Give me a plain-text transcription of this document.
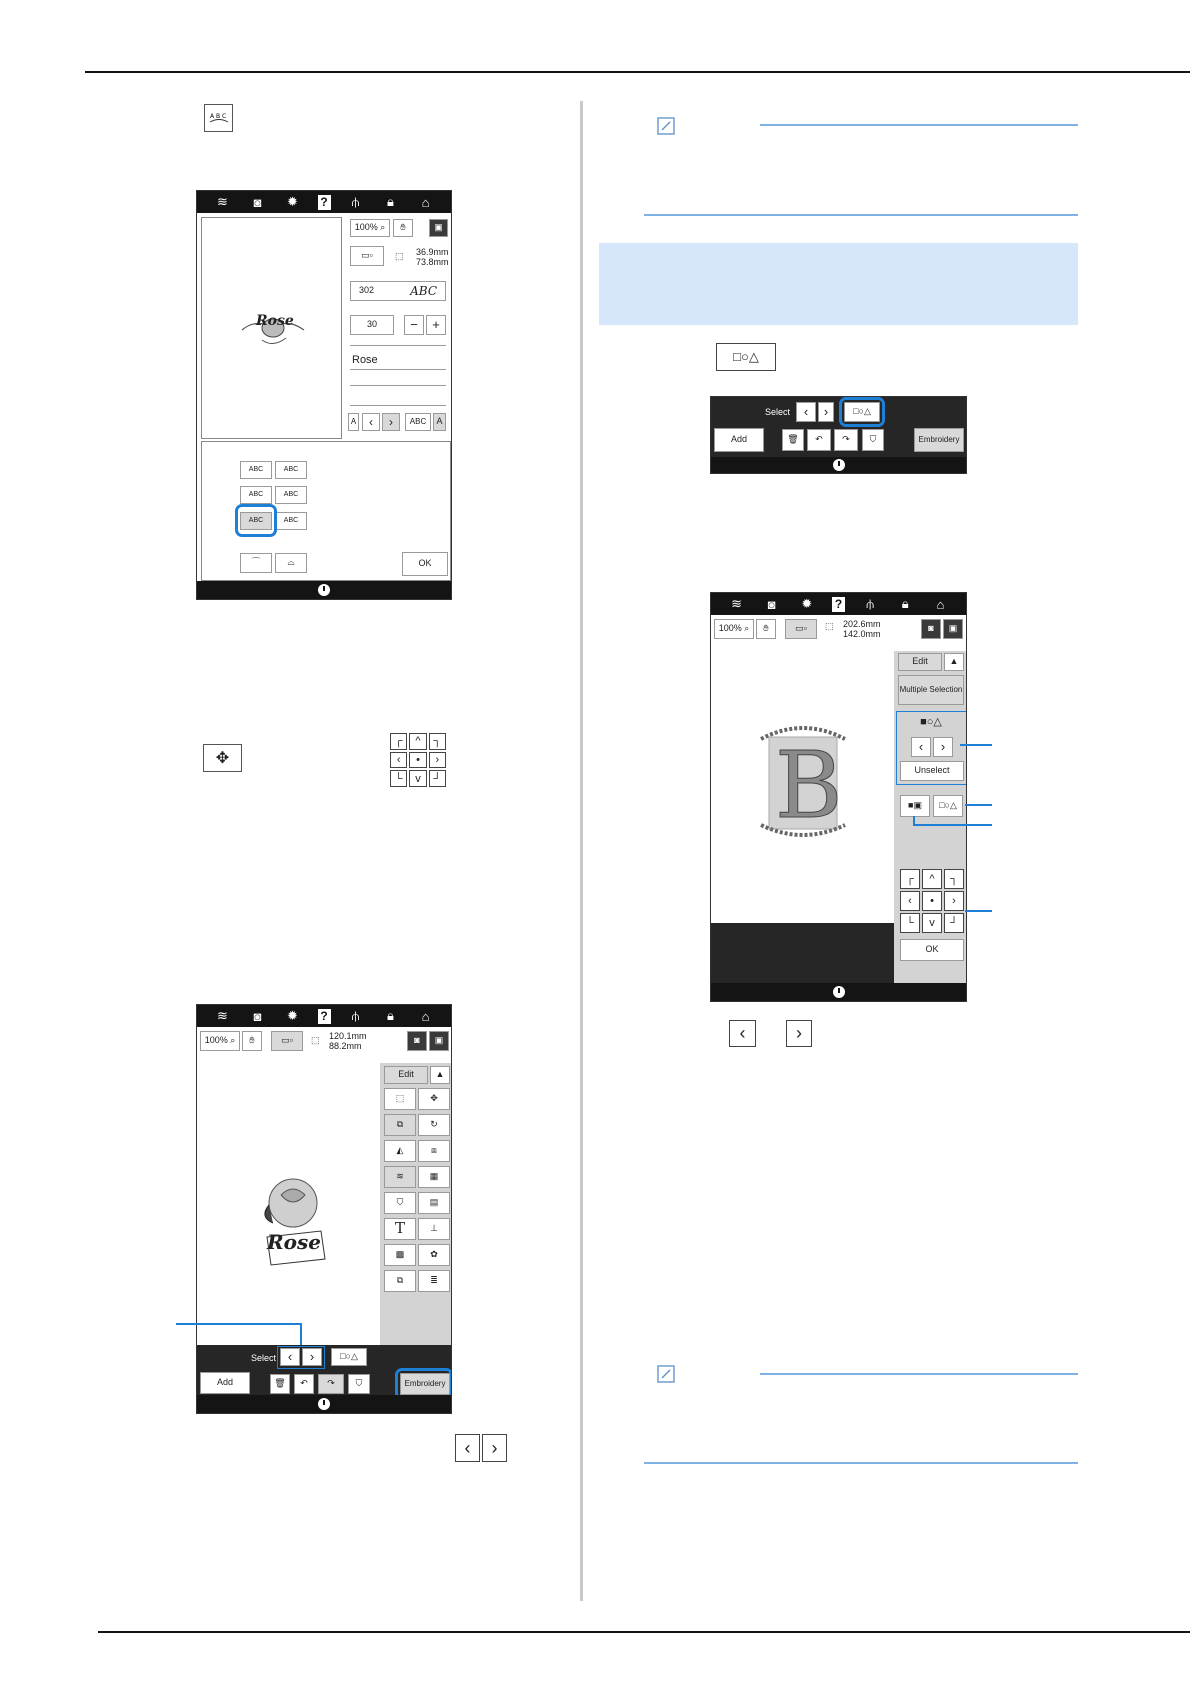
A B C
≋	◙	✹	?	⫛	🔒︎	⌂
Rose
100%
⌕	✋︎	▣
▭▫	⬚ 36.9mm
73.8mm
302	ABC
30	−	+
Rose
A	‹	›	ABC	A
ABC	ABC
ABC	ABC
ABC	ABC
⌒	⌓	OK
✥
┌	^	┐
‹	•	›
└	v	┘
≋	◙	✹	?	⫛	🔒︎	⌂
100%
⌕	✋︎	▭▫	⬚ 120.1mm
88.2mm
◙	▣
Rose
Edit	▲
⬚	✥
⧉	↻
◭	⧈
≋	▦
⛉	▤
T	⊥
▩	✿
⧉	≣
Select ‹	›	□○△
Add	🗑︎	↶	↷	⛉	Embroidery
‹	›
□○△
Select	‹	›	□○△
Add	🗑︎	↶	↷	⛉	Embroidery
≋	◙	✹	?	⫛	🔒︎	⌂
100%
⌕	✋︎	▭▫	⬚ 202.6mm
142.0mm
◙	▣
B
Edit	▲
Multiple Selection
■○△
‹	›
Unselect
■▣	□○△
┌	^	┐
‹	•	›
└	v	┘
OK
‹	›
